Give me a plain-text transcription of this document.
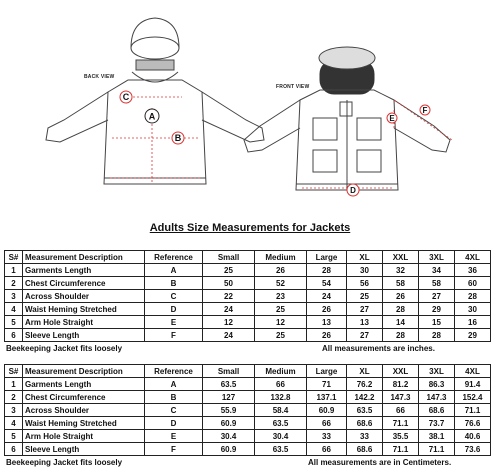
BACK VIEW
FRONT VIEW
C
A
B
F
E
D
Adults Size Measurements for Jackets
S#	Measurement Description	Reference	Small	Medium	Large	XL	XXL	3XL	4XL
1	Garments Length	A	25	26	28	30	32	34	36
2	Chest Circumference	B	50	52	54	56	58	58	60
3	Across Shoulder	C	22	23	24	25	26	27	28
4	Waist Heming Stretched	D	24	25	26	27	28	29	30
5	Arm Hole Straight	E	12	12	13	13	14	15	16
6	Sleeve Length	F	24	25	26	27	28	28	29
Beekeeping Jacket fits loosely	All measurements are inches.
S#	Measurement Description	Reference	Small	Medium	Large	XL	XXL	3XL	4XL
1	Garments Length	A	63.5	66	71	76.2	81.2	86.3	91.4
2	Chest Circumference	B	127	132.8	137.1	142.2	147.3	147.3	152.4
3	Across Shoulder	C	55.9	58.4	60.9	63.5	66	68.6	71.1
4	Waist Heming Stretched	D	60.9	63.5	66	68.6	71.1	73.7	76.6
5	Arm Hole Straight	E	30.4	30.4	33	33	35.5	38.1	40.6
6	Sleeve Length	F	60.9	63.5	66	68.6	71.1	71.1	73.6
Beekeeping Jacket fits loosely	All measurements are in Centimeters.
